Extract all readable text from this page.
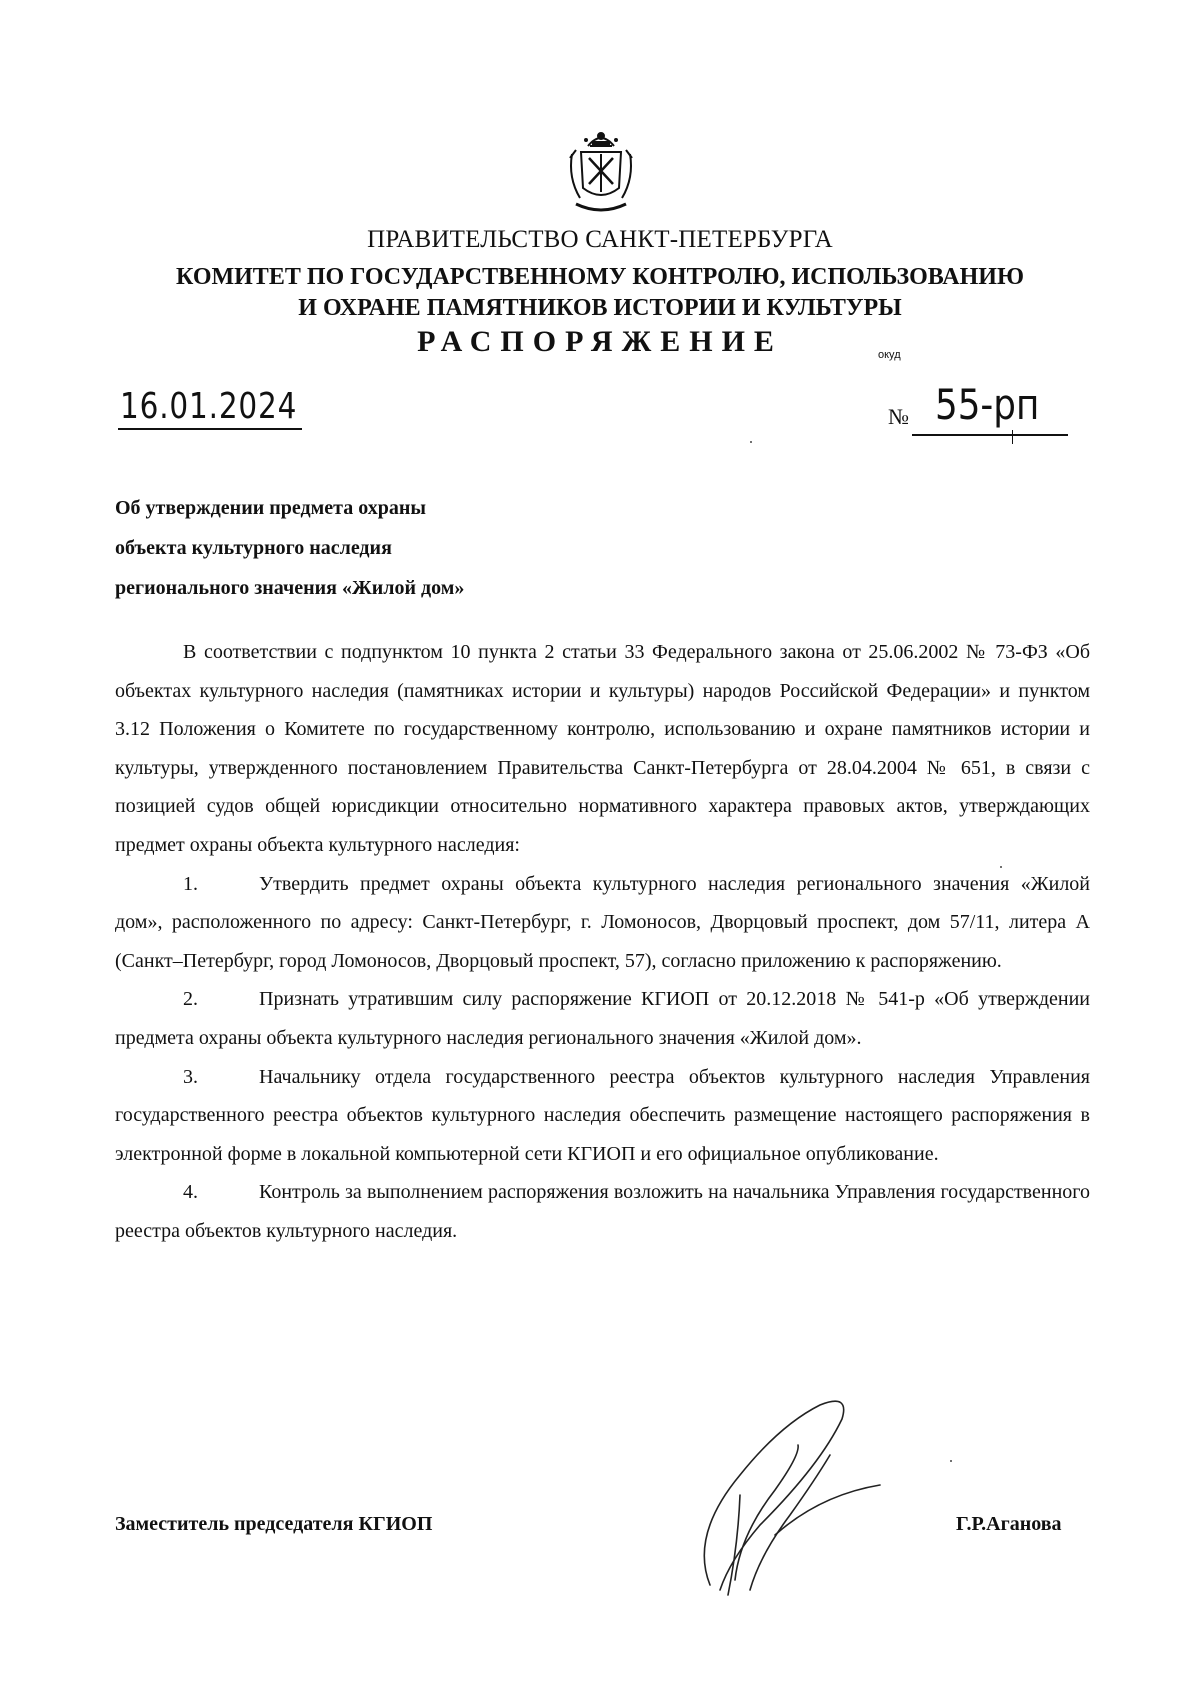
ПРАВИТЕЛЬСТВО САНКТ-ПЕТЕРБУРГА
КОМИТЕТ ПО ГОСУДАРСТВЕННОМУ КОНТРОЛЮ, ИСПОЛЬЗОВАНИЮ
И ОХРАНЕ ПАМЯТНИКОВ ИСТОРИИ И КУЛЬТУРЫ
РАСПОРЯЖЕНИЕ	окуд
16.01.2024	№ 55-рп
Об утверждении предмета охраны
объекта культурного наследия
регионального значения «Жилой дом»

В соответствии с подпунктом 10 пункта 2 статьи 33 Федерального закона от 25.06.2002 № 73-ФЗ «Об объектах культурного наследия (памятниках истории и культуры) народов Российской Федерации» и пунктом 3.12 Положения о Комитете по государственному контролю, использованию и охране памятников истории и культуры, утвержденного постановлением Правительства Санкт-Петербурга от 28.04.2004 № 651, в связи с позицией судов общей юрисдикции относительно нормативного характера правовых актов, утверждающих предмет охраны объекта культурного наследия:

1.	Утвердить предмет охраны объекта культурного наследия регионального значения «Жилой дом», расположенного по адресу: Санкт-Петербург, г. Ломоносов, Дворцовый проспект, дом 57/11, литера А (Санкт–Петербург, город Ломоносов, Дворцовый проспект, 57), согласно приложению к распоряжению.

2.	Признать утратившим силу распоряжение КГИОП от 20.12.2018 № 541-р «Об утверждении предмета охраны объекта культурного наследия регионального значения «Жилой дом».

3.	Начальнику отдела государственного реестра объектов культурного наследия Управления государственного реестра объектов культурного наследия обеспечить размещение настоящего распоряжения в электронной форме в локальной компьютерной сети КГИОП и его официальное опубликование.

4.	Контроль за выполнением распоряжения возложить на начальника Управления государственного реестра объектов культурного наследия.

Заместитель председателя КГИОП	Г.Р.Аганова
